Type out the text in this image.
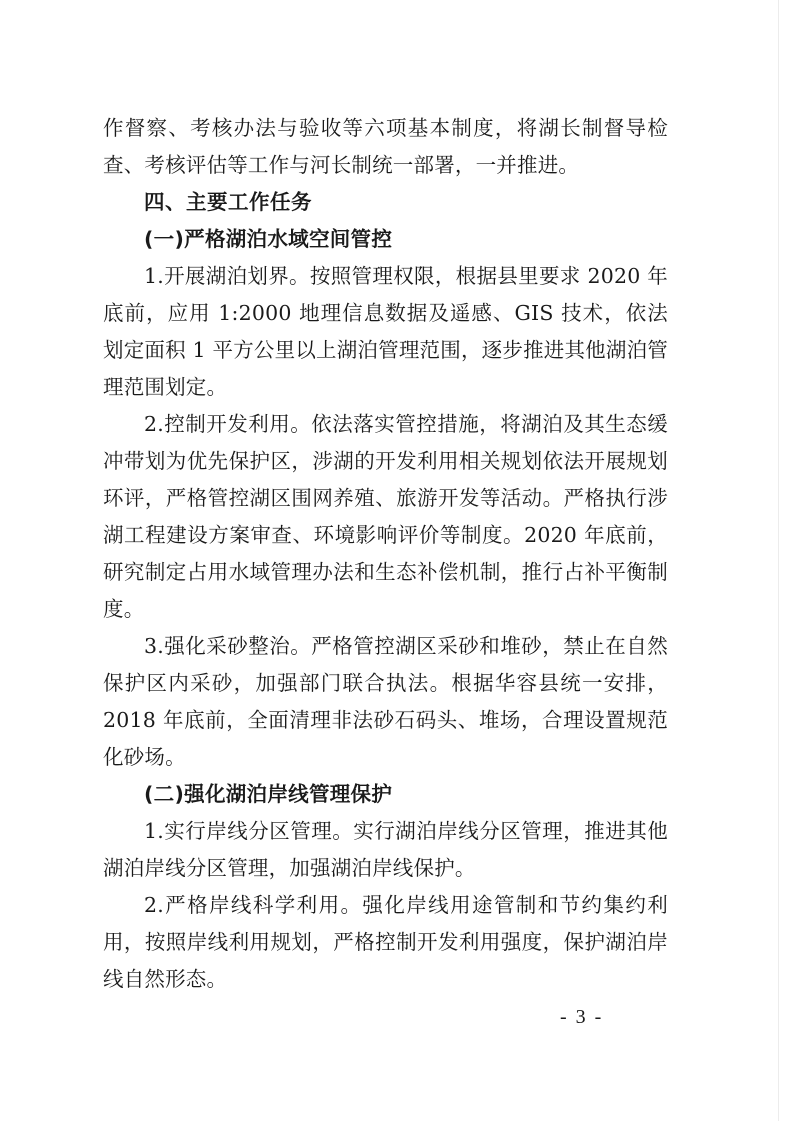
作督察、考核办法与验收等六项基本制度，将湖长制督导检查、考核评估等工作与河长制统一部署，一并推进。

四、主要工作任务

(一)严格湖泊水域空间管控

1.开展湖泊划界。按照管理权限，根据县里要求 2020 年底前，应用 1:2000 地理信息数据及遥感、GIS 技术，依法划定面积 1 平方公里以上湖泊管理范围，逐步推进其他湖泊管理范围划定。

2.控制开发利用。依法落实管控措施，将湖泊及其生态缓冲带划为优先保护区，涉湖的开发利用相关规划依法开展规划环评，严格管控湖区围网养殖、旅游开发等活动。严格执行涉湖工程建设方案审查、环境影响评价等制度。2020 年底前，研究制定占用水域管理办法和生态补偿机制，推行占补平衡制度。

3.强化采砂整治。严格管控湖区采砂和堆砂，禁止在自然保护区内采砂，加强部门联合执法。根据华容县统一安排，2018 年底前，全面清理非法砂石码头、堆场，合理设置规范化砂场。

(二)强化湖泊岸线管理保护

1.实行岸线分区管理。实行湖泊岸线分区管理，推进其他湖泊岸线分区管理，加强湖泊岸线保护。

2.严格岸线科学利用。强化岸线用途管制和节约集约利用，按照岸线利用规划，严格控制开发利用强度，保护湖泊岸线自然形态。

- 3 -
